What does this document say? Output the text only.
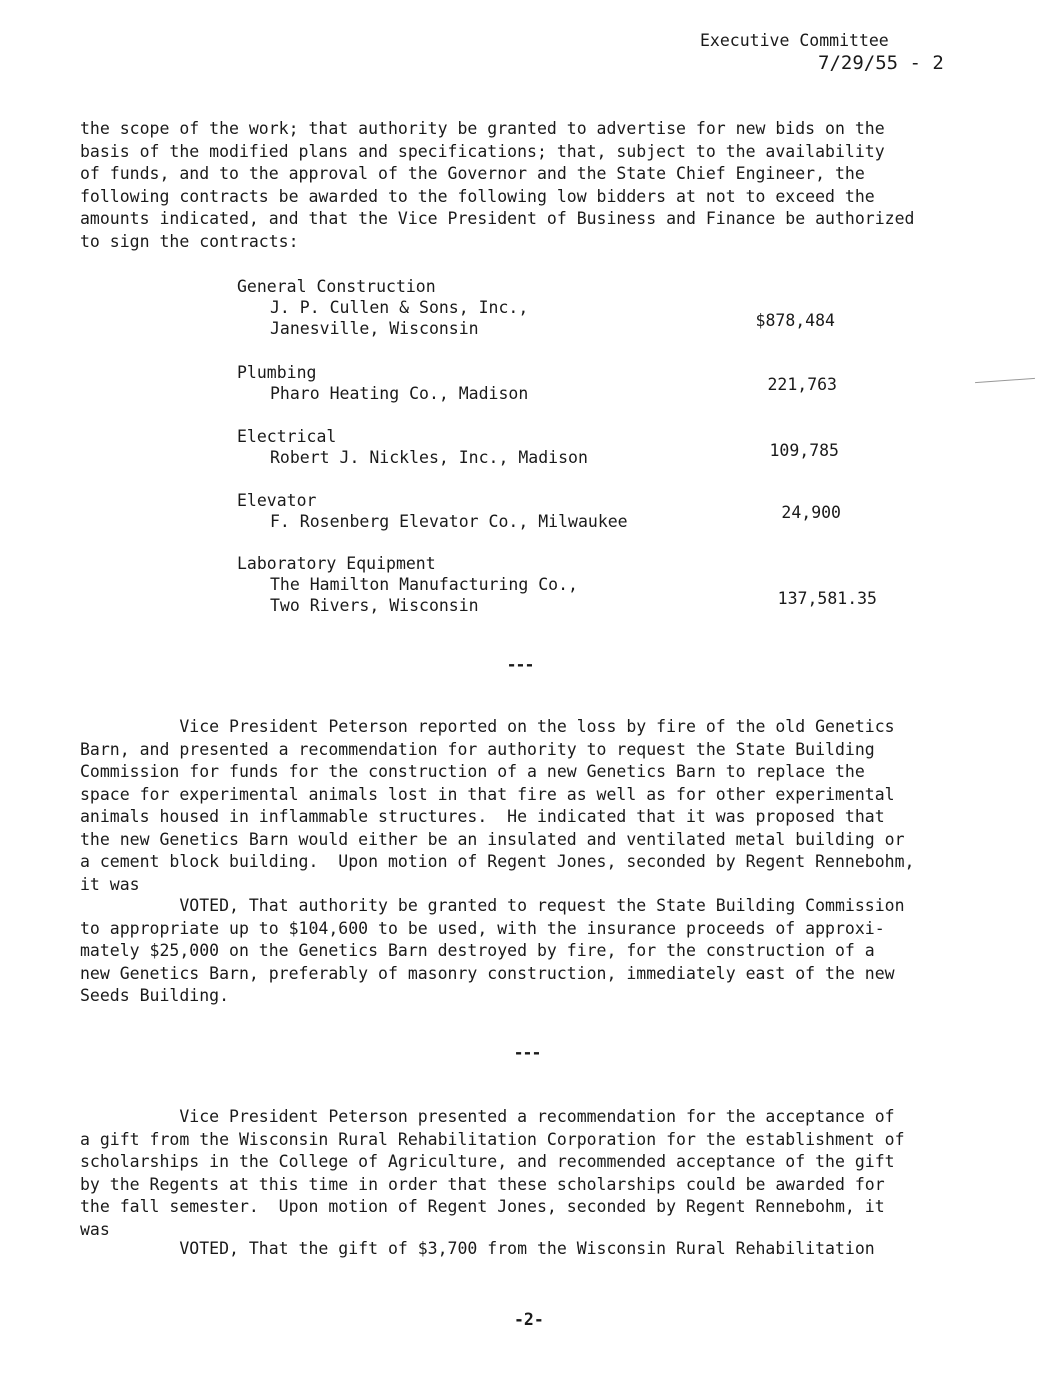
Executive Committee
7/29/55 - 2
the scope of the work; that authority be granted to advertise for new bids on the
basis of the modified plans and specifications; that, subject to the availability
of funds, and to the approval of the Governor and the State Chief Engineer, the
following contracts be awarded to the following low bidders at not to exceed the
amounts indicated, and that the Vice President of Business and Finance be authorized
to sign the contracts:
General Construction
J. P. Cullen & Sons, Inc.,
Janesville, Wisconsin	$878,484
Plumbing
Pharo Heating Co., Madison	221,763
Electrical
Robert J. Nickles, Inc., Madison	109,785
Elevator
F. Rosenberg Elevator Co., Milwaukee	24,900
Laboratory Equipment
The Hamilton Manufacturing Co.,
Two Rivers, Wisconsin	137,581.35
---
Vice President Peterson reported on the loss by fire of the old Genetics
Barn, and presented a recommendation for authority to request the State Building
Commission for funds for the construction of a new Genetics Barn to replace the
space for experimental animals lost in that fire as well as for other experimental
animals housed in inflammable structures.  He indicated that it was proposed that
the new Genetics Barn would either be an insulated and ventilated metal building or
a cement block building.  Upon motion of Regent Jones, seconded by Regent Rennebohm,
it was
VOTED, That authority be granted to request the State Building Commission
to appropriate up to $104,600 to be used, with the insurance proceeds of approxi-
mately $25,000 on the Genetics Barn destroyed by fire, for the construction of a
new Genetics Barn, preferably of masonry construction, immediately east of the new
Seeds Building.
---
Vice President Peterson presented a recommendation for the acceptance of
a gift from the Wisconsin Rural Rehabilitation Corporation for the establishment of
scholarships in the College of Agriculture, and recommended acceptance of the gift
by the Regents at this time in order that these scholarships could be awarded for
the fall semester.  Upon motion of Regent Jones, seconded by Regent Rennebohm, it
was
VOTED, That the gift of $3,700 from the Wisconsin Rural Rehabilitation
-2-
